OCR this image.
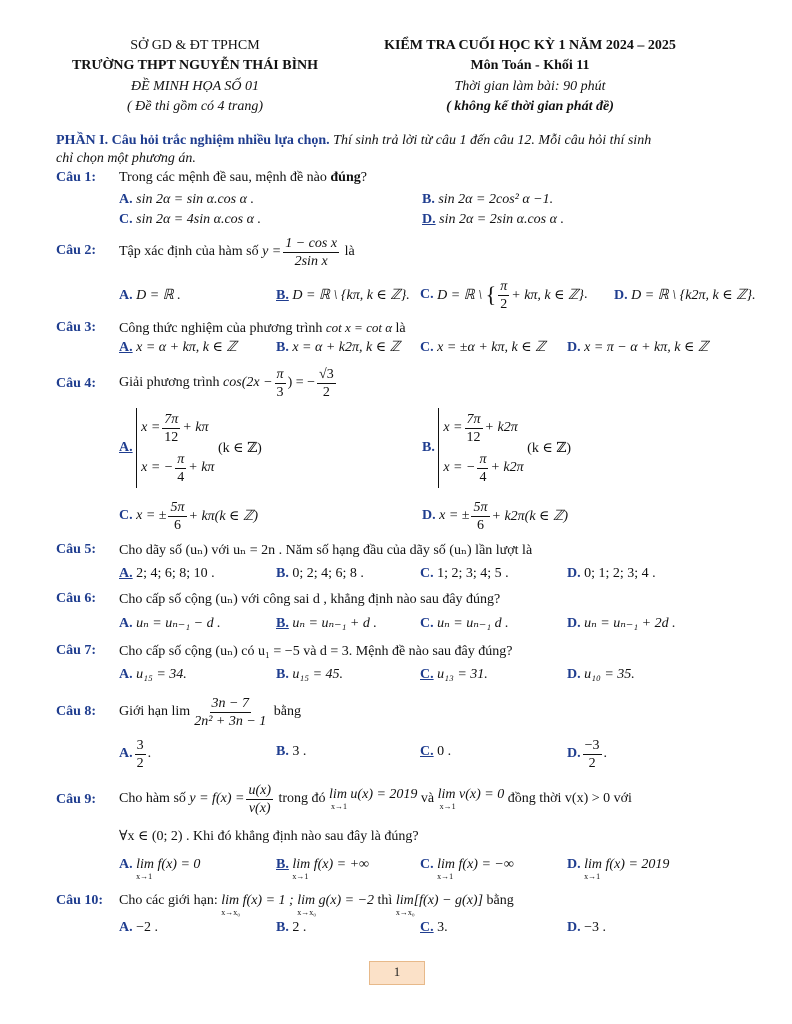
SỞ GD & ĐT TPHCM
TRƯỜNG THPT NGUYỄN THÁI BÌNH
ĐỀ MINH HỌA SỐ 01
( Đề thi gồm có 4 trang)
KIỂM TRA CUỐI HỌC KỲ 1 NĂM 2024 – 2025
Môn Toán - Khối 11
Thời gian làm bài: 90 phút
( không kể thời gian phát đề)
PHẦN I. Câu hỏi trắc nghiệm nhiều lựa chọn. Thí sinh trả lời từ câu 1 đến câu 12. Mỗi câu hỏi thí sinh
chỉ chọn một phương án.
Câu 1: Trong các mệnh đề sau, mệnh đề nào đúng?
A. sin 2α = sin α.cos α .	B. sin 2α = 2cos² α −1.
C. sin 2α = 4sin α.cos α .	D. sin 2α = 2sin α.cos α .
Câu 2: Tập xác định của hàm số
$y = \frac{\text{1 − cos x}}{\text{2sin x}}$
là
A. D = ℝ .	B. D = ℝ \ {kπ, k ∈ ℤ}. C.
D = ℝ \
{ $\frac{\pi}{2} + k\pi$, k ∈ ℤ} . D. D = ℝ \ {k2π, k ∈ ℤ}.
Câu 3: Công thức nghiệm của phương trình cot x = cot α là
A. x = α + kπ, k ∈ ℤ	B. x = α + k2π, k ∈ ℤ C. x = ±α + kπ, k ∈ ℤ D. x = π − α + kπ, k ∈ ℤ
Câu 4: Giải phương trình
$\cos(2x - \frac{\pi}{3}$ ) = − $\frac{√3}{2}$
A.

$x = \frac{7\pi}{12} + k\pi$
x = − $\frac{\pi}{4} + k\pi$

(k ∈ ℤ)	B.

$x = \frac{7\pi}{12} + k2\pi$
x = − $\frac{\pi}{4} + k2\pi$

(k ∈ ℤ)
C.
x = ± $\frac{5\pi}{6} + k\pi(k$ ∈ ℤ)	D.
x = ± $\frac{5\pi}{6} + k2\pi(k$ ∈ ℤ)
Câu 5: Cho dãy số (uₙ) với uₙ = 2n . Năm số hạng đầu của dãy số (uₙ) lần lượt là
A. 2; 4; 6; 8; 10 .	B. 0; 2; 4; 6; 8 .	C. 1; 2; 3; 4; 5 .	D. 0; 1; 2; 3; 4 .
Câu 6: Cho cấp số cộng (uₙ) với công sai d , khẳng định nào sau đây đúng?
A. uₙ = uₙ₋₁ − d .	B. uₙ = uₙ₋₁ + d .	C. uₙ = uₙ₋₁ d .	D. uₙ = uₙ₋₁ + 2d .
Câu 7: Cho cấp số cộng (uₙ) có u₁ = −5 và d = 3. Mệnh đề nào sau đây đúng?
A. u₁₅ = 34.	B. u₁₅ = 45.	C. u₁₃ = 31.	D. u₁₀ = 35.
Câu 8: Giới hạn $\lim \frac{3n - 7}{\text{2n² + 3n − 1}}$
bằng
A. $\frac{3}{2}$ .	B. 3 .	C. 0 .	D. $\frac{-3}{2}$ .
Câu 9: Cho hàm số
$y = f(x) = \frac{u(x)}{v(x)}$
trong đó
lim u(x) = 2019
x→1

và
lim v(x) = 0
x→1

đồng thời v(x) > 0 với
∀x ∈ (0; 2) . Khi đó khẳng định nào sau đây là đúng?
A.
lim f(x) = 0
x→1
B.
lim f(x) = +∞
x→1
C.
lim f(x) = −∞
x→1
D.
lim f(x) = 2019
x→1
Câu 10: Cho các giới hạn:
lim f(x) = 1 ;
x→x₀

lim g(x) = −2
x→x₀

thì
lim[f(x) − g(x)]
x→x₀

bằng
A. −2 .	B. 2 .	C. 3.	D. −3 .
1
